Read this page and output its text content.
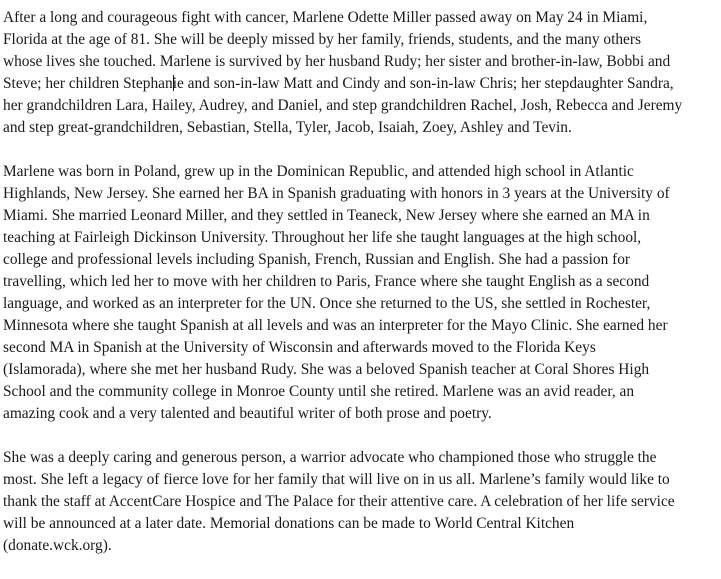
After a long and courageous fight with cancer, Marlene Odette Miller passed away on May 24 in Miami,
Florida at the age of 81. She will be deeply missed by her family, friends, students, and the many others
whose lives she touched. Marlene is survived by her husband Rudy; her sister and brother-in-law, Bobbi and
Steve; her children Stephanie and son-in-law Matt and Cindy and son-in-law Chris; her stepdaughter Sandra,
her grandchildren Lara, Hailey, Audrey, and Daniel, and step grandchildren Rachel, Josh, Rebecca and Jeremy
and step great-grandchildren, Sebastian, Stella, Tyler, Jacob, Isaiah, Zoey, Ashley and Tevin.

Marlene was born in Poland, grew up in the Dominican Republic, and attended high school in Atlantic
Highlands, New Jersey. She earned her BA in Spanish graduating with honors in 3 years at the University of
Miami. She married Leonard Miller, and they settled in Teaneck, New Jersey where she earned an MA in
teaching at Fairleigh Dickinson University. Throughout her life she taught languages at the high school,
college and professional levels including Spanish, French, Russian and English. She had a passion for
travelling, which led her to move with her children to Paris, France where she taught English as a second
language, and worked as an interpreter for the UN. Once she returned to the US, she settled in Rochester,
Minnesota where she taught Spanish at all levels and was an interpreter for the Mayo Clinic. She earned her
second MA in Spanish at the University of Wisconsin and afterwards moved to the Florida Keys
(Islamorada), where she met her husband Rudy. She was a beloved Spanish teacher at Coral Shores High
School and the community college in Monroe County until she retired. Marlene was an avid reader, an
amazing cook and a very talented and beautiful writer of both prose and poetry.

She was a deeply caring and generous person, a warrior advocate who championed those who struggle the
most. She left a legacy of fierce love for her family that will live on in us all. Marlene’s family would like to
thank the staff at AccentCare Hospice and The Palace for their attentive care. A celebration of her life service
will be announced at a later date. Memorial donations can be made to World Central Kitchen
(donate.wck.org).
